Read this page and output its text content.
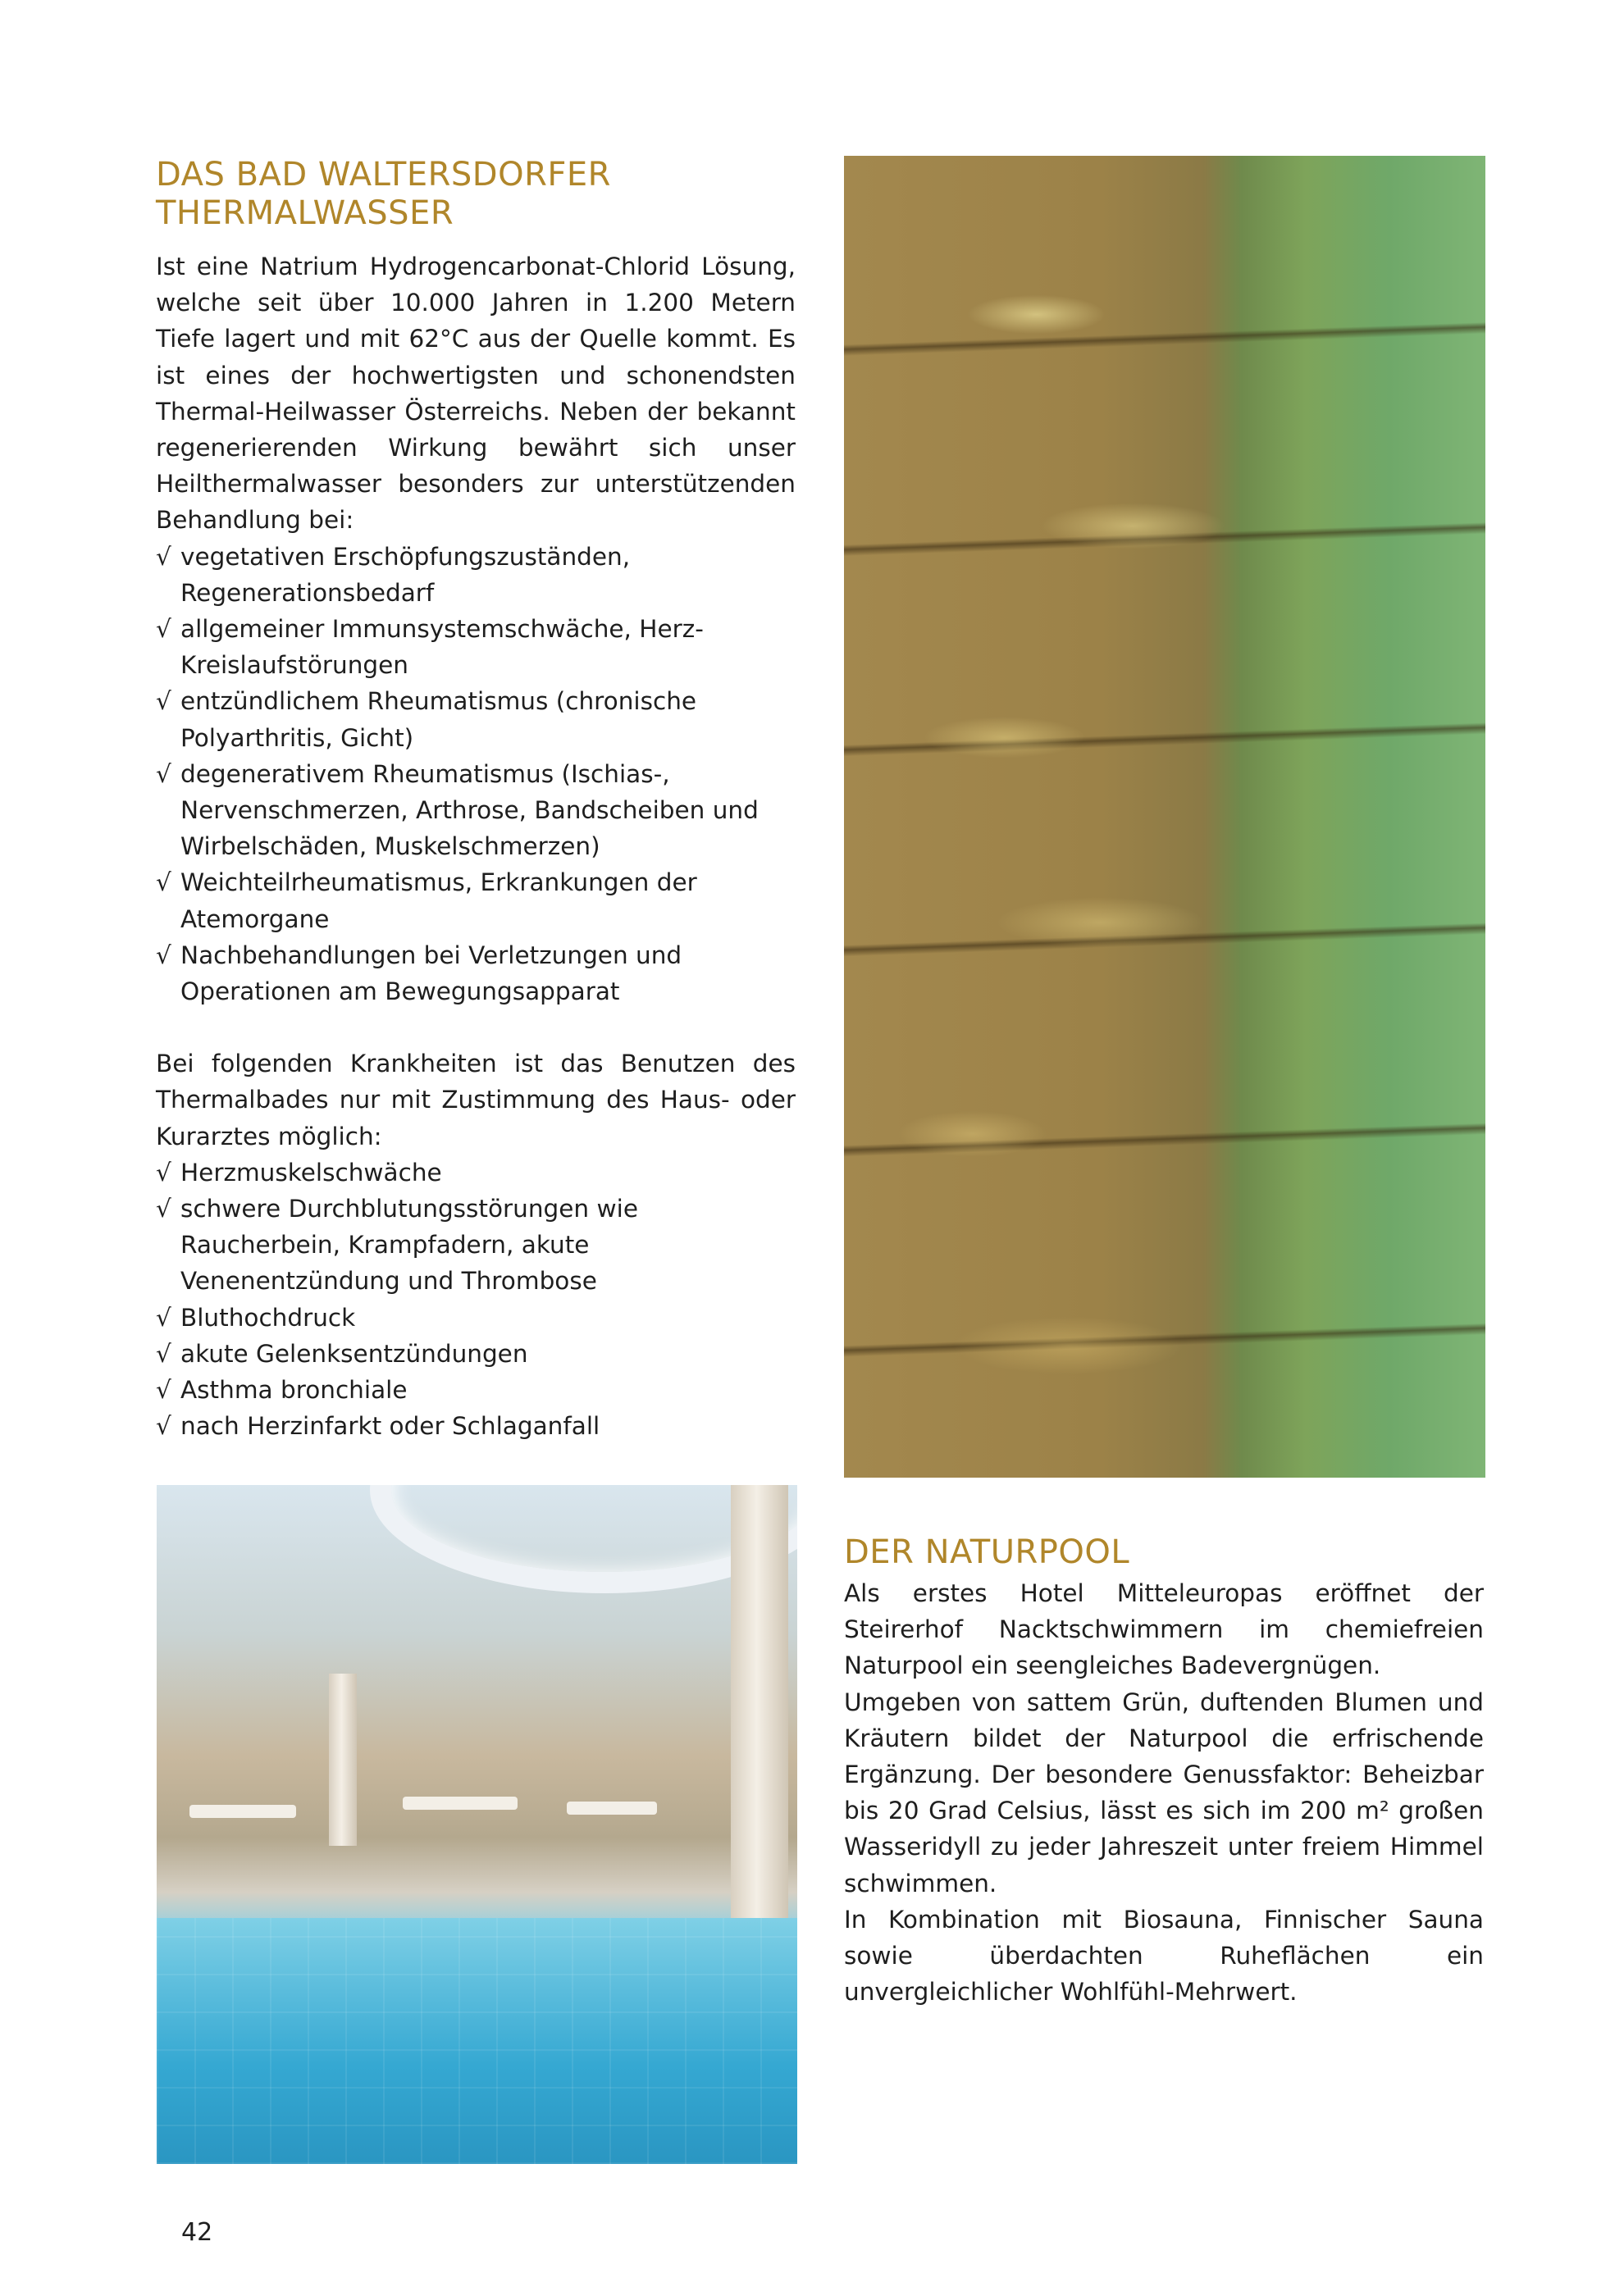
DAS BAD WALTERSDORFER THERMALWASSER

Ist eine Natrium Hydrogencarbonat-Chlorid Lösung, welche seit über 10.000 Jahren in 1.200 Metern Tiefe lagert und mit 62°C aus der Quelle kommt. Es ist eines der hochwertigsten und schonendsten Thermal-Heilwasser Österreichs. Neben der bekannt regenerierenden Wirkung bewährt sich unser Heilthermalwasser besonders zur unterstützenden Behandlung bei:

√ vegetativen Erschöpfungszuständen, Regenerationsbedarf
√ allgemeiner Immunsystemschwäche, Herz-Kreislaufstörungen
√ entzündlichem Rheumatismus (chronische Polyarthritis, Gicht)
√ degenerativem Rheumatismus (Ischias-, Nervenschmerzen, Arthrose, Bandscheiben und Wirbelschäden, Muskelschmerzen)
√ Weichteilrheumatismus, Erkrankungen der Atemorgane
√ Nachbehandlungen bei Verletzungen und Operationen am Bewegungsapparat

Bei folgenden Krankheiten ist das Benutzen des Thermalbades nur mit Zustimmung des Haus- oder Kurarztes möglich:

√ Herzmuskelschwäche
√ schwere Durchblutungsstörungen wie Raucherbein, Krampfadern, akute Venenentzündung und Thrombose
√ Bluthochdruck
√ akute Gelenksentzündungen
√ Asthma bronchiale
√ nach Herzinfarkt oder Schlaganfall
DER NATURPOOL

Als erstes Hotel Mitteleuropas eröffnet der Steirerhof Nacktschwimmern im chemiefreien Naturpool ein seengleiches Badevergnügen.

Umgeben von sattem Grün, duftenden Blumen und Kräutern bildet der Naturpool die erfrischende Ergänzung. Der besondere Genussfaktor: Beheizbar bis 20 Grad Celsius, lässt es sich im 200 m² großen Wasseridyll zu jeder Jahreszeit unter freiem Himmel schwimmen.

In Kombination mit Biosauna, Finnischer Sauna sowie überdachten Ruheflächen ein unvergleichlicher Wohlfühl-Mehrwert.

42
